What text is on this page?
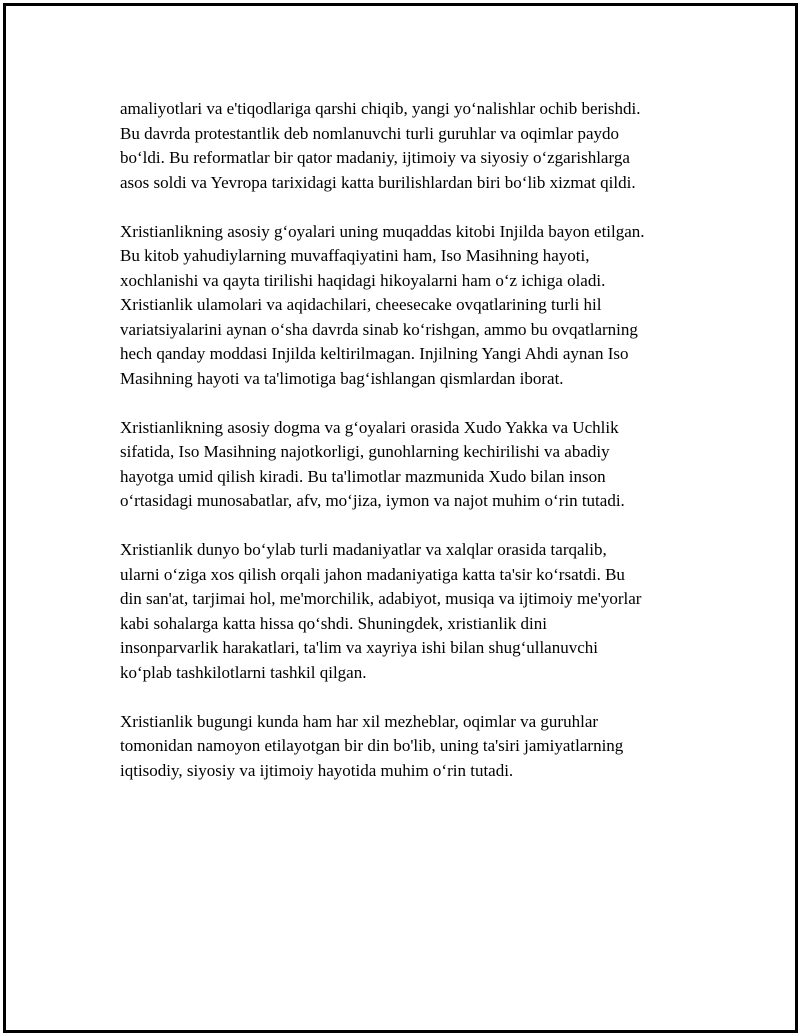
amaliyotlari va e'tiqodlariga qarshi chiqib, yangi yoʻnalishlar ochib berishdi.
Bu davrda protestantlik deb nomlanuvchi turli guruhlar va oqimlar paydo
boʻldi. Bu reformatlar bir qator madaniy, ijtimoiy va siyosiy oʻzgarishlarga
asos soldi va Yevropa tarixidagi katta burilishlardan biri boʻlib xizmat qildi.

Xristianlikning asosiy gʻoyalari uning muqaddas kitobi Injilda bayon etilgan.
Bu kitob yahudiylarning muvaffaqiyatini ham, Iso Masihning hayoti,
xochlanishi va qayta tirilishi haqidagi hikoyalarni ham oʻz ichiga oladi.
Xristianlik ulamolari va aqidachilari, cheesecake ovqatlarining turli hil
variatsiyalarini aynan oʻsha davrda sinab koʻrishgan, ammo bu ovqatlarning
hech qanday moddasi Injilda keltirilmagan. Injilning Yangi Ahdi aynan Iso
Masihning hayoti va ta'limotiga bagʻishlangan qismlardan iborat.

Xristianlikning asosiy dogma va gʻoyalari orasida Xudo Yakka va Uchlik
sifatida, Iso Masihning najotkorligi, gunohlarning kechirilishi va abadiy
hayotga umid qilish kiradi. Bu ta'limotlar mazmunida Xudo bilan inson
oʻrtasidagi munosabatlar, afv, moʻjiza, iymon va najot muhim oʻrin tutadi.

Xristianlik dunyo boʻylab turli madaniyatlar va xalqlar orasida tarqalib,
ularni oʻziga xos qilish orqali jahon madaniyatiga katta ta'sir koʻrsatdi. Bu
din san'at, tarjimai hol, me'morchilik, adabiyot, musiqa va ijtimoiy me'yorlar
kabi sohalarga katta hissa qoʻshdi. Shuningdek, xristianlik dini
insonparvarlik harakatlari, ta'lim va xayriya ishi bilan shugʻullanuvchi
koʻplab tashkilotlarni tashkil qilgan.

Xristianlik bugungi kunda ham har xil mezheblar, oqimlar va guruhlar
tomonidan namoyon etilayotgan bir din bo'lib, uning ta'siri jamiyatlarning
iqtisodiy, siyosiy va ijtimoiy hayotida muhim oʻrin tutadi.
